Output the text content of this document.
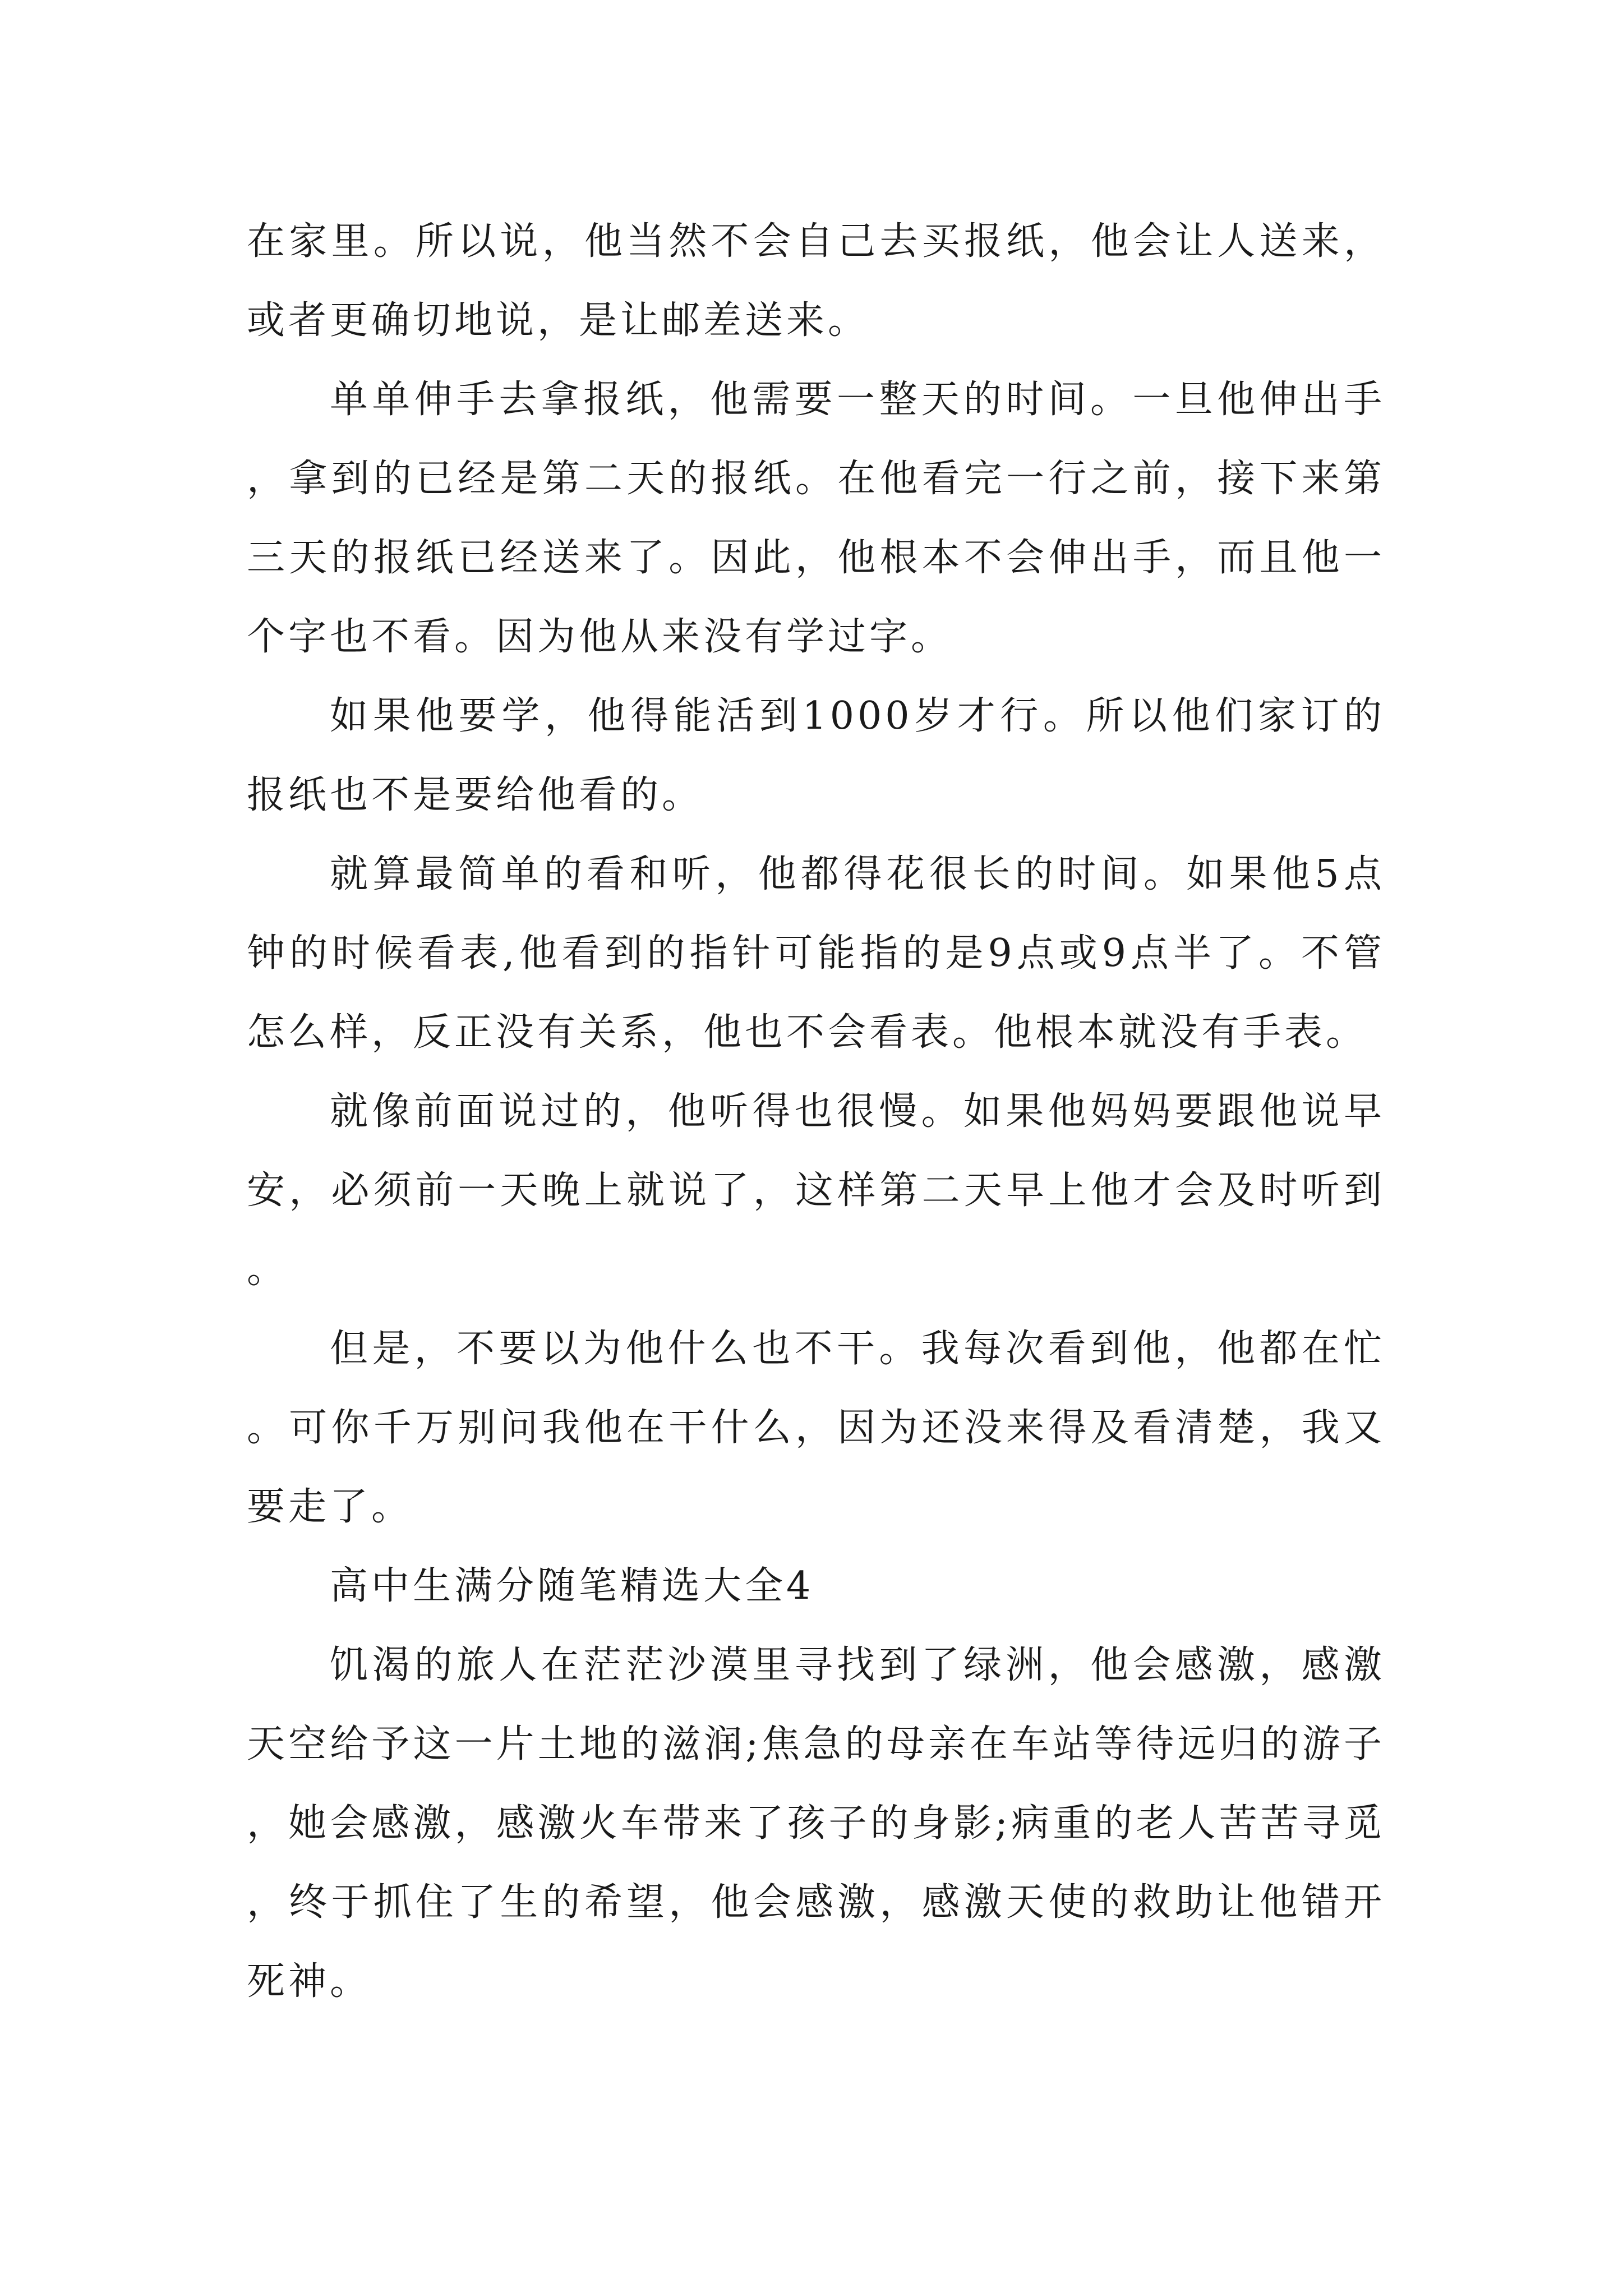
在家里。所以说，他当然不会自己去买报纸，他会让人送来，或者更确切地说，是让邮差送来。

单单伸手去拿报纸，他需要一整天的时间。一旦他伸出手，拿到的已经是第二天的报纸。在他看完一行之前，接下来第三天的报纸已经送来了。因此，他根本不会伸出手，而且他一个字也不看。因为他从来没有学过字。

如果他要学，他得能活到1000岁才行。所以他们家订的报纸也不是要给他看的。

就算最简单的看和听，他都得花很长的时间。如果他5点钟的时候看表,他看到的指针可能指的是9点或9点半了。不管怎么样，反正没有关系，他也不会看表。他根本就没有手表。

就像前面说过的，他听得也很慢。如果他妈妈要跟他说早安，必须前一天晚上就说了，这样第二天早上他才会及时听到。

但是，不要以为他什么也不干。我每次看到他，他都在忙。可你千万别问我他在干什么，因为还没来得及看清楚，我又要走了。

高中生满分随笔精选大全4

饥渴的旅人在茫茫沙漠里寻找到了绿洲，他会感激，感激天空给予这一片土地的滋润;焦急的母亲在车站等待远归的游子，她会感激，感激火车带来了孩子的身影;病重的老人苦苦寻觅，终于抓住了生的希望，他会感激，感激天使的救助让他错开死神。
